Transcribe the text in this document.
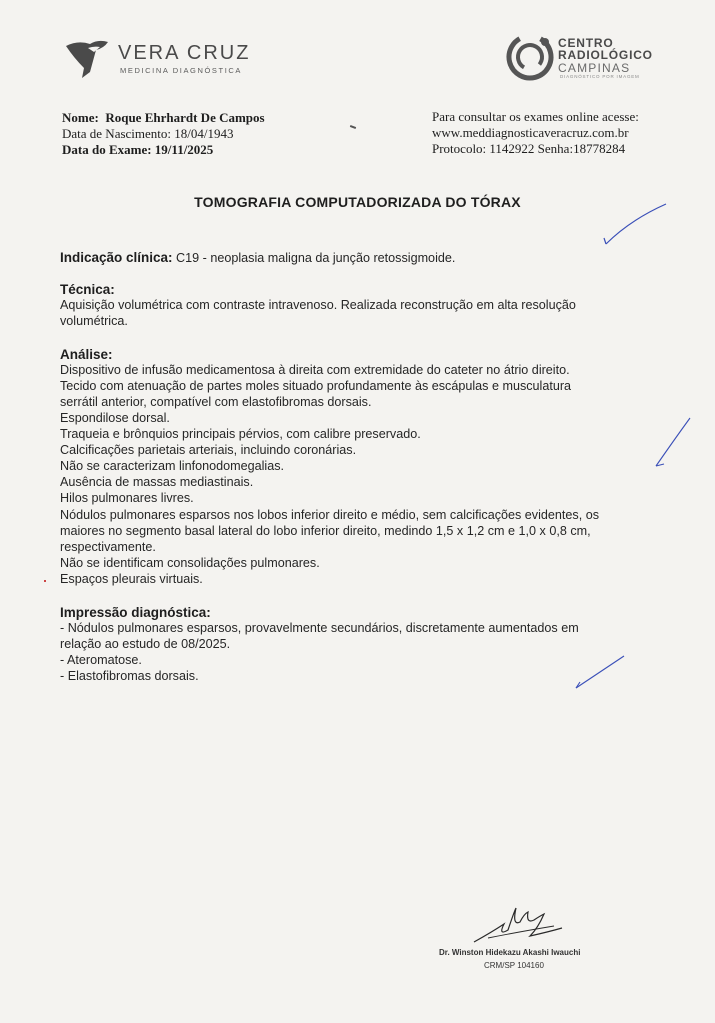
VERA CRUZ
MEDICINA DIAGNÓSTICA
CENTRO
RADIOLÓGICO
CAMPINAS
DIAGNÓSTICO POR IMAGEM
Nome: Roque Ehrhardt De Campos
Data de Nascimento: 18/04/1943
Data do Exame: 19/11/2025
Para consultar os exames online acesse:
www.meddiagnosticaveracruz.com.br
Protocolo: 1142922 Senha:18778284
TOMOGRAFIA COMPUTADORIZADA DO TÓRAX
Indicação clínica: C19 - neoplasia maligna da junção retossigmoide.
Técnica:
Aquisição volumétrica com contraste intravenoso. Realizada reconstrução em alta resolução
volumétrica.
Análise:
Dispositivo de infusão medicamentosa à direita com extremidade do cateter no átrio direito.
Tecido com atenuação de partes moles situado profundamente às escápulas e musculatura
serrátil anterior, compatível com elastofibromas dorsais.
Espondilose dorsal.
Traqueia e brônquios principais pérvios, com calibre preservado.
Calcificações parietais arteriais, incluindo coronárias.
Não se caracterizam linfonodomegalias.
Ausência de massas mediastinais.
Hilos pulmonares livres.
Nódulos pulmonares esparsos nos lobos inferior direito e médio, sem calcificações evidentes, os
maiores no segmento basal lateral do lobo inferior direito, medindo 1,5 x 1,2 cm e 1,0 x 0,8 cm,
respectivamente.
Não se identificam consolidações pulmonares.
Espaços pleurais virtuais.
Impressão diagnóstica:
- Nódulos pulmonares esparsos, provavelmente secundários, discretamente aumentados em
relação ao estudo de 08/2025.
- Ateromatose.
- Elastofibromas dorsais.
Dr. Winston Hidekazu Akashi Iwauchi
CRM/SP 104160
